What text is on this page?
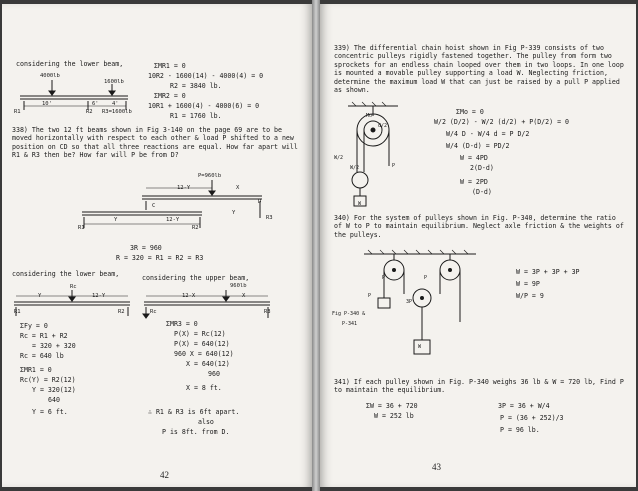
considering the lower beam,
4000lb
1600lb
10'	6' 4'
R1	R2 R3=1600lb
ΣMR1 = 0
10R2 - 1600(14) - 4000(4) = 0
R2 = 3840 lb.
ΣMR2 = 0
10R1 + 1600(4) - 4000(6) = 0
R1 = 1760 lb.
338) The two 12 ft beams shown in Fig 3-140 on the page 69 are to be moved horizontally with respect to each other & load P shifted to a new position on CD so that all three reactions are equal. How far apart will R1 & R3 then be? How far will P be from D?
P=960lb
12-Y
12-Y
Y
Y
X
C
D
R1	R2
R3
3R = 960
R = 320 = R1 = R2 = R3
considering the lower beam,	considering the upper beam,
Rc
Y	12-Y
R1	R2
960lb
12-X	X
Rc	R3
ΣFy = 0
Rc = R1 + R2
= 320 + 320
Rc = 640 lb
ΣMR1 = 0
Rc(Y) = R2(12)
Y = 320(12)
640
Y = 6 ft.
ΣMR3 = 0
P(X) = Rc(12)
P(X) = 640(12)
960 X = 640(12)
X = 640(12)
960
X = 8 ft.
∴ R1 & R3 is 6ft apart.
also
P is 8ft. from D.
42
339) The differential chain hoist shown in Fig P-339 consists of two concentric pulleys rigidly fastened together. The pulley from form two sprockets for an endless chain looped over them in two loops. In one loop is mounted a movable pulley supporting a load W. Neglecting friction, determine the maximum load W that can just be raised by a pull P applied as shown.
Mo
d/2
W/2
W/2	P
W
ΣMo = 0
W/2 (D/2) - W/2 (d/2) + P(D/2) = 0
W/4 D - W/4 d = P D/2
W/4 (D-d) = PD/2
W = 4PD
2(D-d)
W = 2PD
(D-d)
340) For the system of pulleys shown in Fig. P-340, determine the ratio of W to P to maintain equilibrium. Neglect axle friction & the weights of the pulleys.
P
P
3P
P
W
Fig P-340 &
P-341
W = 3P + 3P + 3P
W = 9P
W/P = 9
341) If each pulley shown in Fig. P-340 weighs 36 lb & W = 720 lb, Find P to maintain the equilibrium.
ΣW = 36 + 720
W = 252 lb
3P = 36 + W/4
P = (36 + 252)/3
P = 96 lb.
43
